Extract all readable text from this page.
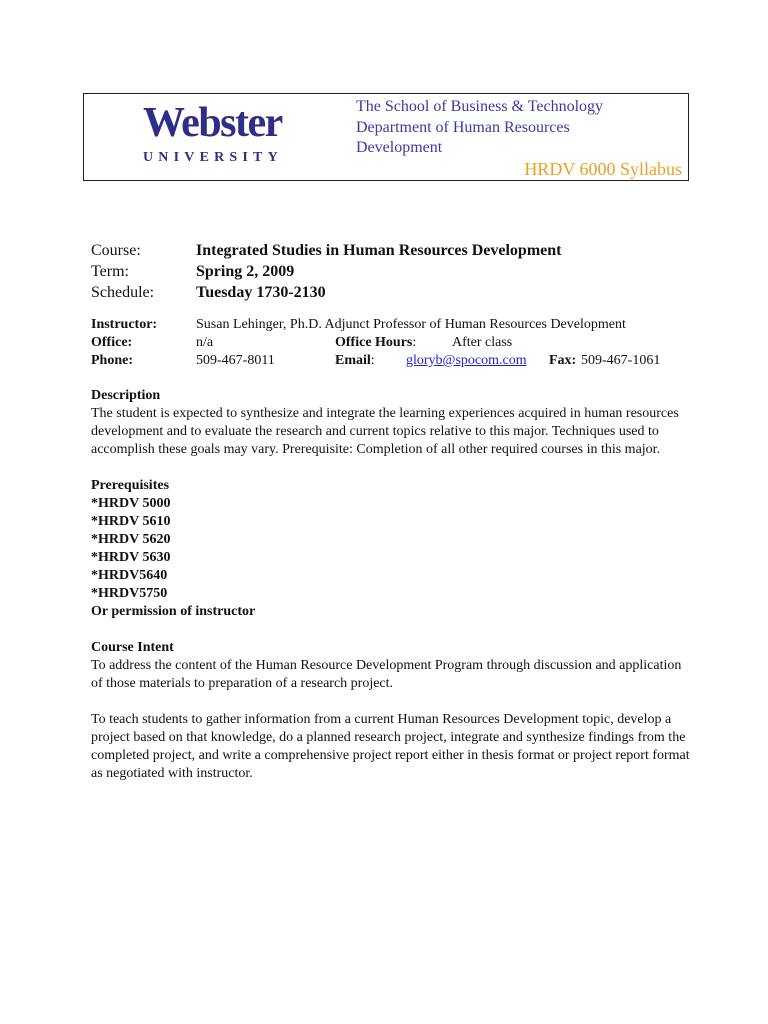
Webster
UNIVERSITY
The School of Business & Technology
Department of Human Resources
Development
HRDV 6000 Syllabus
Course:	Integrated Studies in Human Resources Development
Term:	Spring 2, 2009
Schedule:	Tuesday 1730-2130
Instructor:	Susan Lehinger, Ph.D. Adjunct Professor of Human Resources Development
Office:	n/a	Office Hours:	After class
Phone:	509-467-8011	Email: gloryb@spocom.com Fax: 509-467-1061

Description

The student is expected to synthesize and integrate the learning experiences acquired in human resources development and to evaluate the research and current topics relative to this major. Techniques used to accomplish these goals may vary. Prerequisite: Completion of all other required courses in this major.

Prerequisites

*HRDV 5000

*HRDV 5610

*HRDV 5620

*HRDV 5630

*HRDV5640

*HRDV5750

Or permission of instructor

Course Intent

To address the content of the Human Resource Development Program through discussion and application of those materials to preparation of a research project.

To teach students to gather information from a current Human Resources Development topic, develop a project based on that knowledge, do a planned research project, integrate and synthesize findings from the completed project, and write a comprehensive project report either in thesis format or project report format as negotiated with instructor.
